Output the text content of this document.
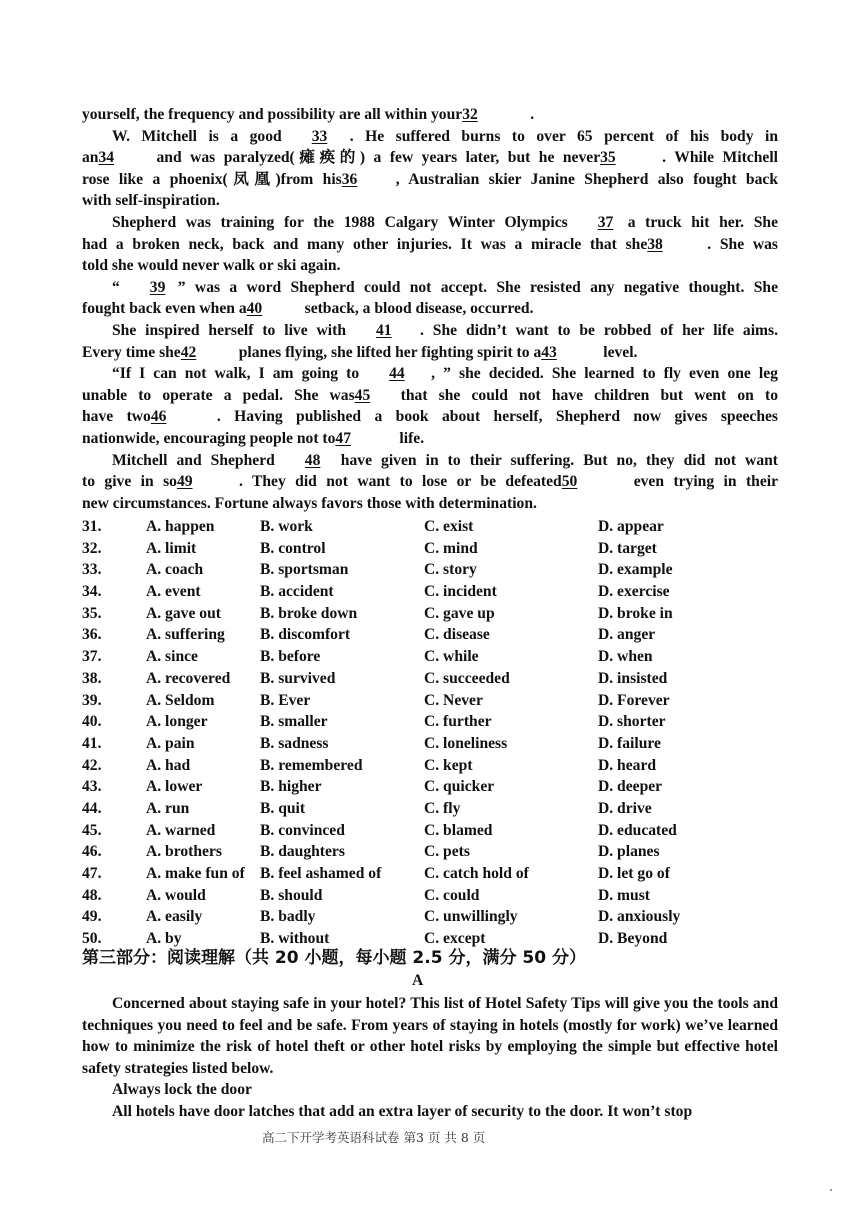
yourself, the frequency and possibility are all within your32	.

W. Mitchell is a good 33 . He suffered burns to over 65 percent of his body in

an34	and was paralyzed(瘫痪的) a few years later, but he never35	. While Mitchell

rose like a phoenix(凤凰)from his36 , Australian skier Janine Shepherd also fought back

with self-inspiration.

Shepherd was training for the 1988 Calgary Winter Olympics 37 a truck hit her. She

had a broken neck, back and many other injuries. It was a miracle that she38	. She was

told she would never walk or ski again.

“ 39 ” was a word Shepherd could not accept. She resisted any negative thought. She

fought back even when a40	setback, a blood disease, occurred.

She inspired herself to live with 41 . She didn’t want to be robbed of her life aims.

Every time she42	planes flying, she lifted her fighting spirit to a43	level.

“If I can not walk, I am going to 44 , ” she decided. She learned to fly even one leg

unable to operate a pedal. She was45 that she could not have children but went on to

have two46	. Having published a book about herself, Shepherd now gives speeches

nationwide, encouraging people not to47	life.

Mitchell and Shepherd 48 have given in to their suffering. But no, they did not want

to give in so49	. They did not want to lose or be defeated50	even trying in their

new circumstances. Fortune always favors those with determination.

31.	A. happen	B. work	C. exist	D. appear
32.	A. limit	B. control	C. mind	D. target
33.	A. coach	B. sportsman	C. story	D. example
34.	A. event	B. accident	C. incident	D. exercise
35.	A. gave out	B. broke down	C. gave up	D. broke in
36.	A. suffering B. discomfort	C. disease	D. anger
37.	A. since	B. before	C. while	D. when
38.	A. recovered B. survived	C. succeeded	D. insisted
39.	A. Seldom	B. Ever	C. Never	D. Forever
40.	A. longer	B. smaller	C. further	D. shorter
41.	A. pain	B. sadness	C. loneliness	D. failure
42.	A. had	B. remembered	C. kept	D. heard
43.	A. lower	B. higher	C. quicker	D. deeper
44.	A. run	B. quit	C. fly	D. drive
45.	A. warned	B. convinced	C. blamed	D. educated
46.	A. brothers B. daughters	C. pets	D. planes
47.	A. make fun of B. feel ashamed of	C. catch hold of	D. let go of
48.	A. would	B. should	C. could	D. must
49.	A. easily	B. badly	C. unwillingly	D. anxiously
50.	A. by	B. without	C. except	D. Beyond
第三部分：阅读理解（共 20 小题，每小题 2.5 分，满分 50 分）
A

Concerned about staying safe in your hotel? This list of Hotel Safety Tips will give you the tools and techniques you need to feel and be safe. From years of staying in hotels (mostly for work) we’ve learned how to minimize the risk of hotel theft or other hotel risks by employing the simple but effective hotel safety strategies listed below.

Always lock the door

All hotels have door latches that add an extra layer of security to the door. It won’t stop

高二下开学考英语科试卷 第3 页 共 8 页
